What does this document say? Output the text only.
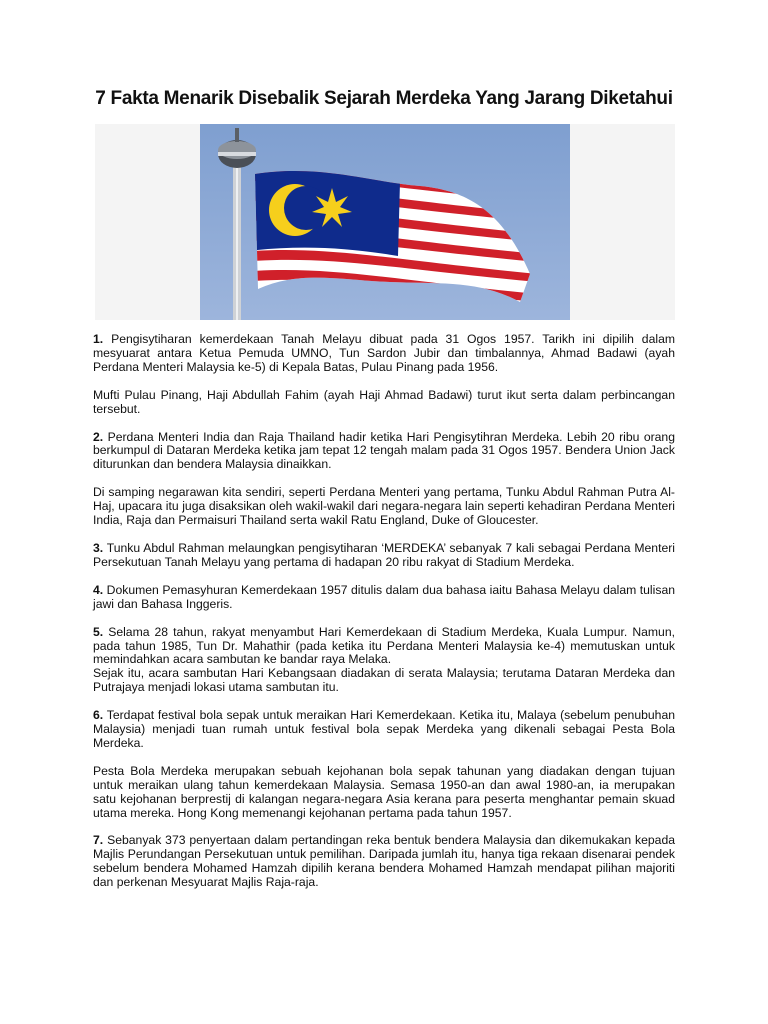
7 Fakta Menarik Disebalik Sejarah Merdeka Yang Jarang Diketahui

1. Pengisytiharan kemerdekaan Tanah Melayu dibuat pada 31 Ogos 1957. Tarikh ini dipilih dalam mesyuarat antara Ketua Pemuda UMNO, Tun Sardon Jubir dan timbalannya, Ahmad Badawi (ayah Perdana Menteri Malaysia ke-5) di Kepala Batas, Pulau Pinang pada 1956.

Mufti Pulau Pinang, Haji Abdullah Fahim (ayah Haji Ahmad Badawi) turut ikut serta dalam perbincangan tersebut.

2. Perdana Menteri India dan Raja Thailand hadir ketika Hari Pengisytihran Merdeka. Lebih 20 ribu orang berkumpul di Dataran Merdeka ketika jam tepat 12 tengah malam pada 31 Ogos 1957. Bendera Union Jack diturunkan dan bendera Malaysia dinaikkan.

Di samping negarawan kita sendiri, seperti Perdana Menteri yang pertama, Tunku Abdul Rahman Putra Al-Haj, upacara itu juga disaksikan oleh wakil-wakil dari negara-negara lain seperti kehadiran Perdana Menteri India, Raja dan Permaisuri Thailand serta wakil Ratu England, Duke of Gloucester.

3. Tunku Abdul Rahman melaungkan pengisytiharan ‘MERDEKA’ sebanyak 7 kali sebagai Perdana Menteri Persekutuan Tanah Melayu yang pertama di hadapan 20 ribu rakyat di Stadium Merdeka.

4. Dokumen Pemasyhuran Kemerdekaan 1957 ditulis dalam dua bahasa iaitu Bahasa Melayu dalam tulisan jawi dan Bahasa Inggeris.

5. Selama 28 tahun, rakyat menyambut Hari Kemerdekaan di Stadium Merdeka, Kuala Lumpur. Namun, pada tahun 1985, Tun Dr. Mahathir (pada ketika itu Perdana Menteri Malaysia ke-4) memutuskan untuk memindahkan acara sambutan ke bandar raya Melaka.
Sejak itu, acara sambutan Hari Kebangsaan diadakan di serata Malaysia; terutama Dataran Merdeka dan Putrajaya menjadi lokasi utama sambutan itu.

6. Terdapat festival bola sepak untuk meraikan Hari Kemerdekaan. Ketika itu, Malaya (sebelum penubuhan Malaysia) menjadi tuan rumah untuk festival bola sepak Merdeka yang dikenali sebagai Pesta Bola Merdeka.

Pesta Bola Merdeka merupakan sebuah kejohanan bola sepak tahunan yang diadakan dengan tujuan untuk meraikan ulang tahun kemerdekaan Malaysia. Semasa 1950-an dan awal 1980-an, ia merupakan satu kejohanan berprestij di kalangan negara-negara Asia kerana para peserta menghantar pemain skuad utama mereka. Hong Kong memenangi kejohanan pertama pada tahun 1957.

7. Sebanyak 373 penyertaan dalam pertandingan reka bentuk bendera Malaysia dan dikemukakan kepada Majlis Perundangan Persekutuan untuk pemilihan. Daripada jumlah itu, hanya tiga rekaan disenarai pendek sebelum bendera Mohamed Hamzah dipilih kerana bendera Mohamed Hamzah mendapat pilihan majoriti dan perkenan Mesyuarat Majlis Raja-raja.
